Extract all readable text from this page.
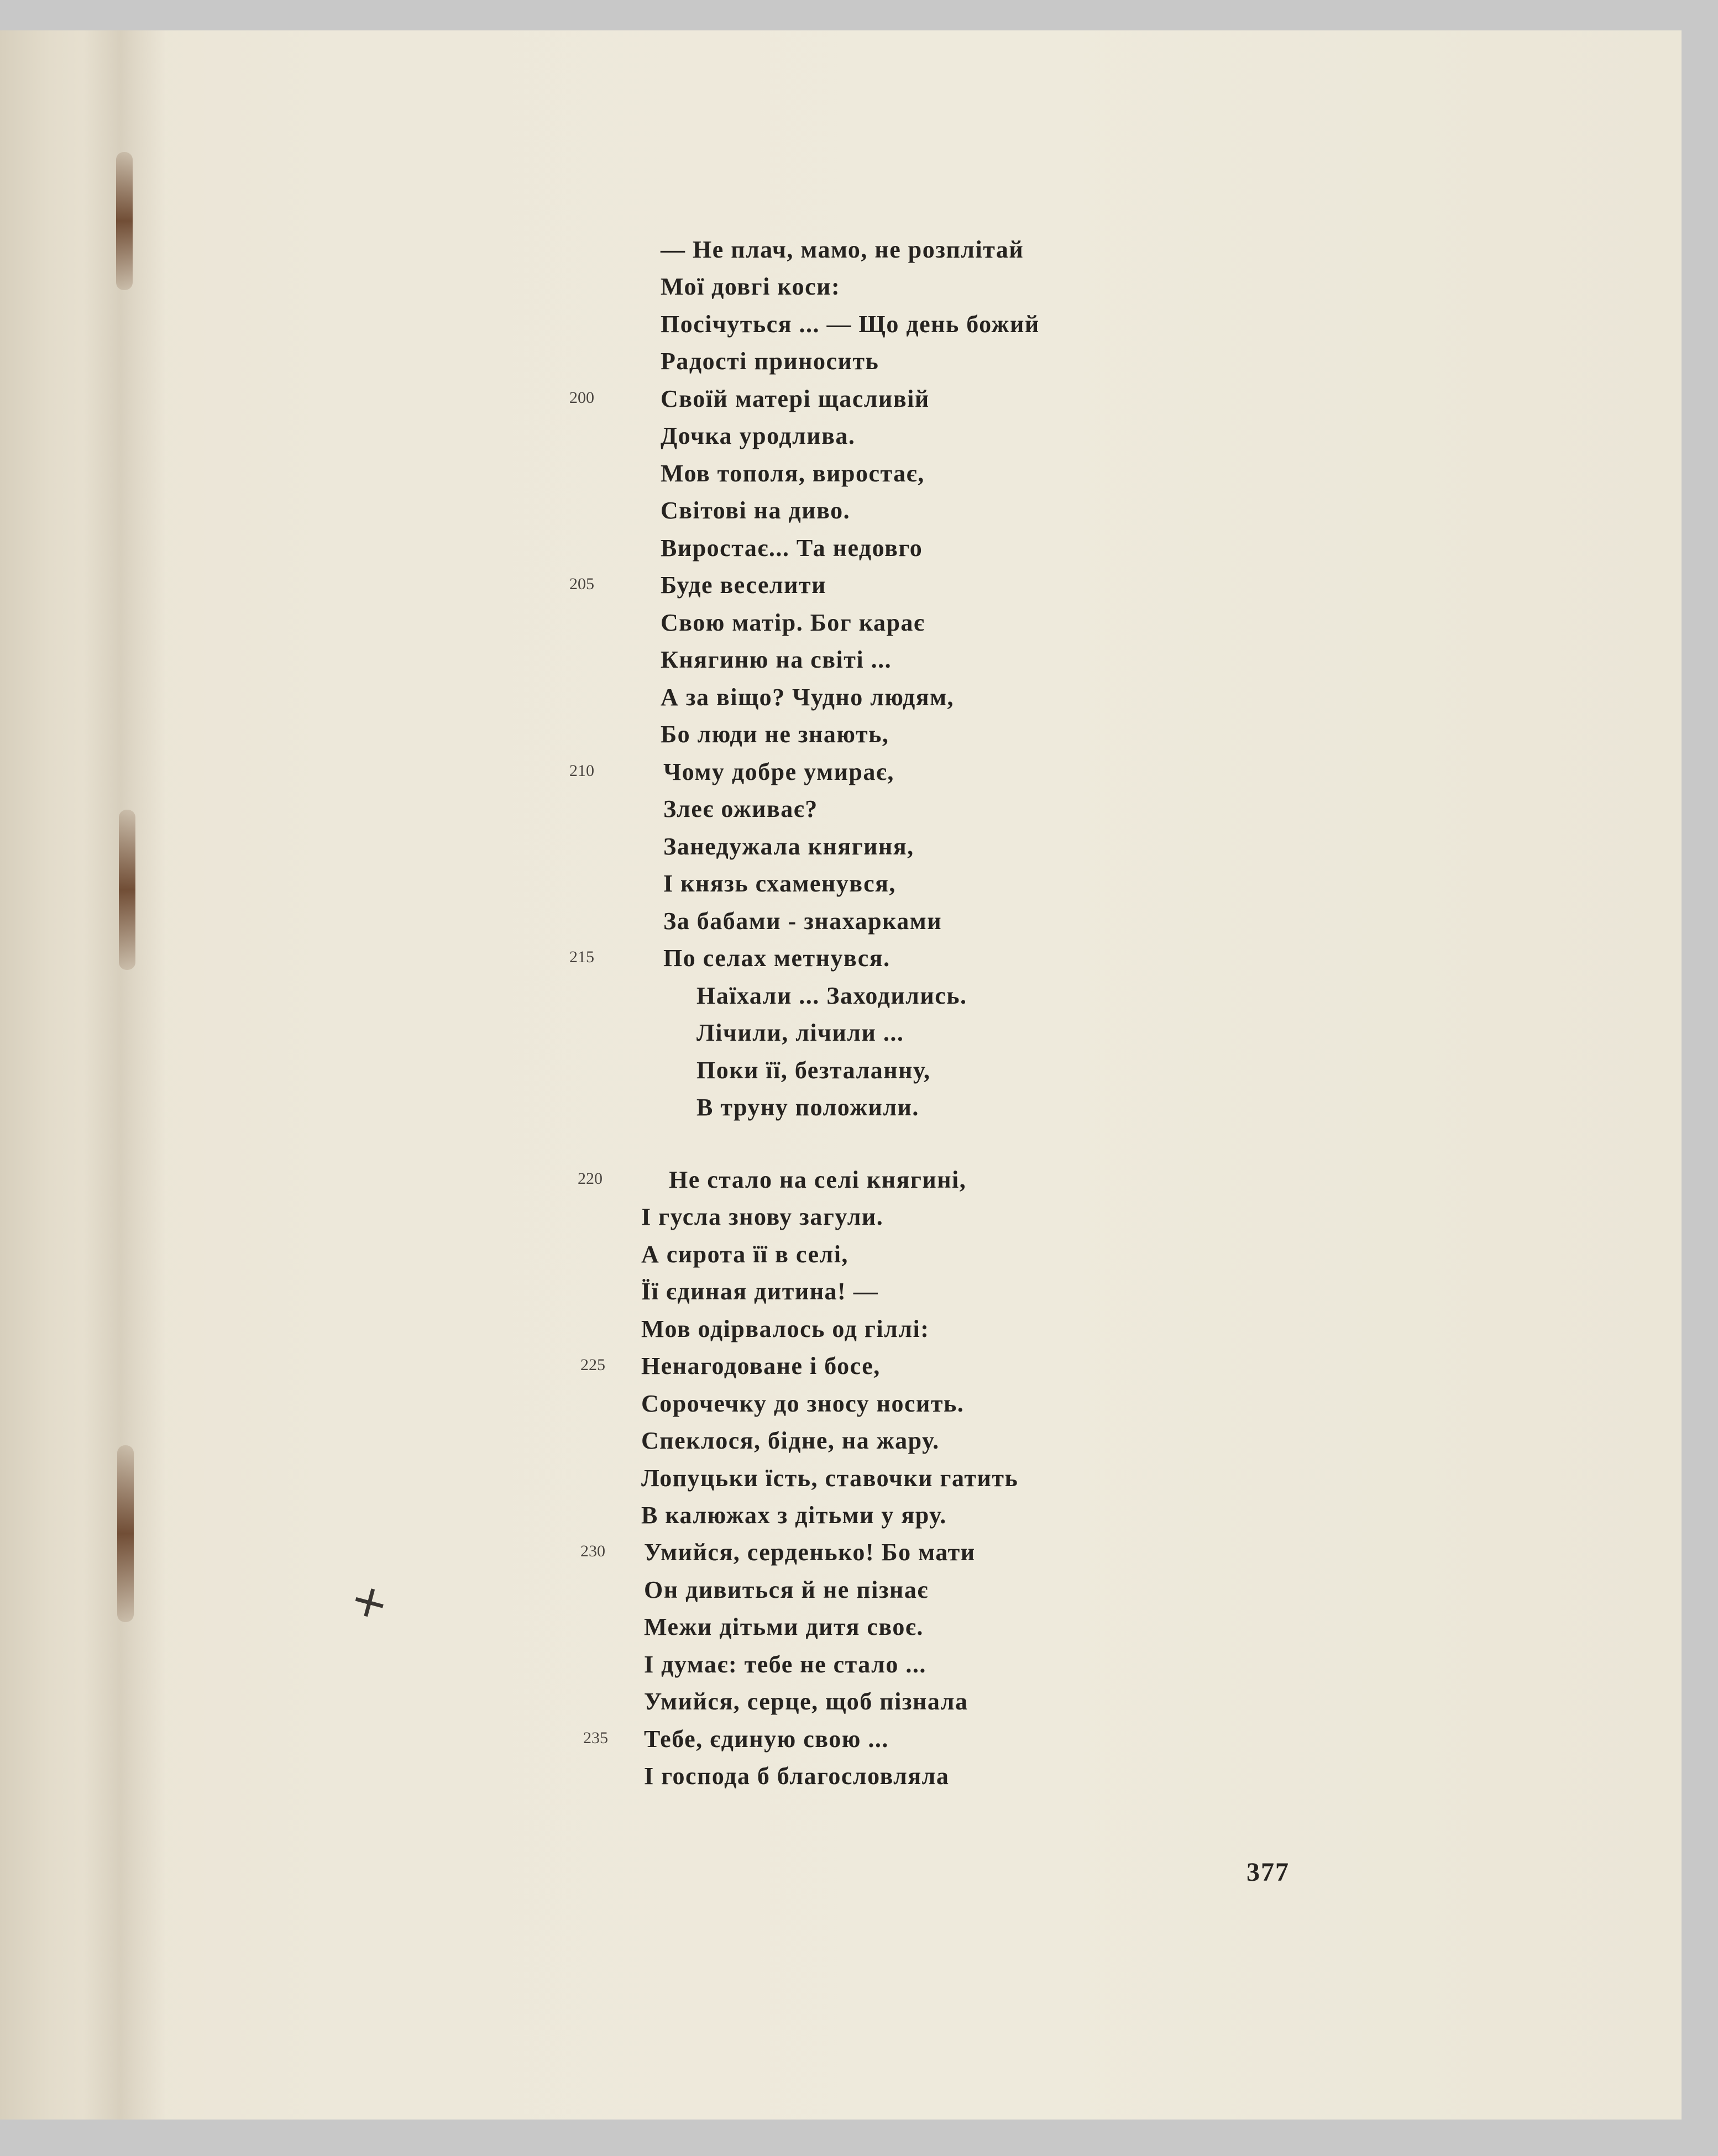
✕
— Не плач, мамо, не розплітай
Мої довгі коси:
Посічуться ... — Що день божий
Радості приносить
200	Своїй матері щасливій
Дочка уродлива.
Мов тополя, виростає,
Світові на диво.
Виростає... Та недовго
205	Буде веселити
Свою матір. Бог карає
Княгиню на світі ...
А за віщо? Чудно людям,
Бо люди не знають,
210	Чому добре умирає,
Злеє оживає?
Занедужала княгиня,
І князь схаменувся,
За бабами - знахарками
215	По селах метнувся.
Наїхали ... Заходились.
Лічили, лічили ...
Поки її, безталанну,
В труну положили.
220	Не стало на селі княгині,
І гусла знову загули.
А сирота її в селі,
Її єдиная дитина! —
Мов одірвалось од гіллі:
225 Ненагодоване і босе,
Сорочечку до зносу носить.
Спеклося, бідне, на жару.
Лопуцьки їсть, ставочки гатить
В калюжах з дітьми у яру.
230 Умийся, серденько! Бо мати
Он дивиться й не пізнає
Межи дітьми дитя своє.
І думає: тебе не стало ...
Умийся, серце, щоб пізнала
235 Тебе, єдиную свою ...
І господа б благословляла
377
